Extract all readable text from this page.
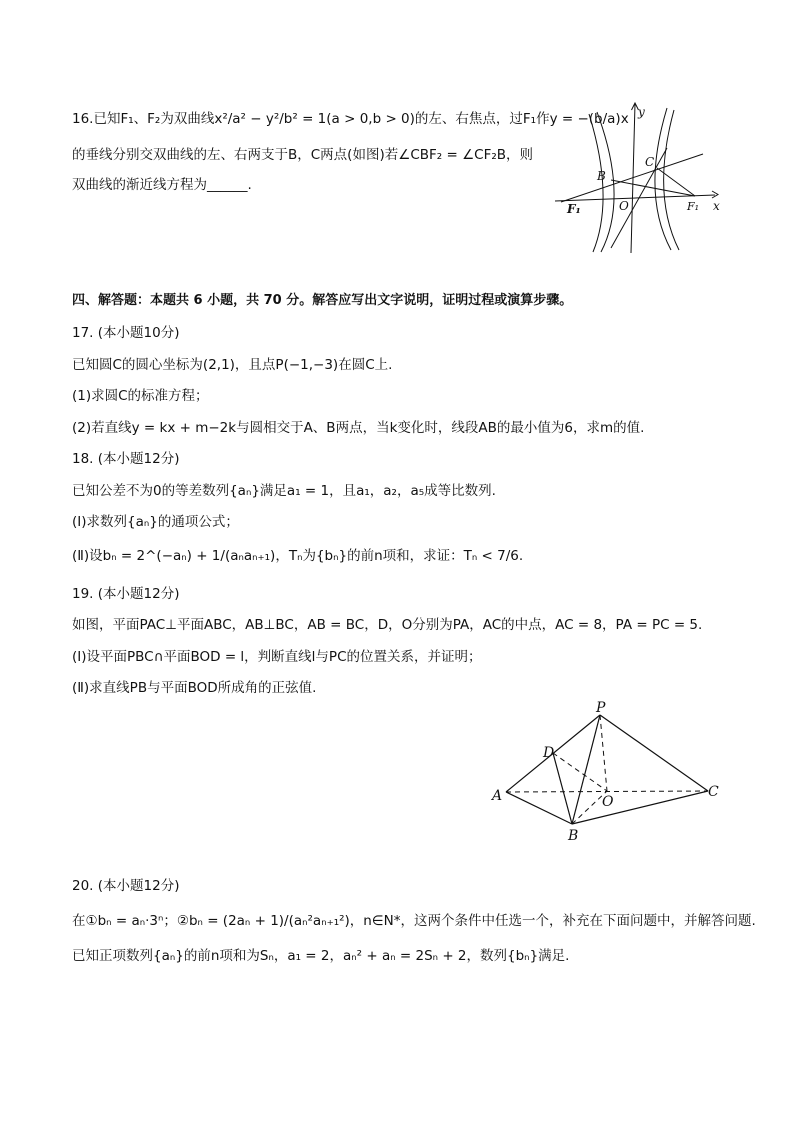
16.已知F₁、F₂为双曲线x²/a² − y²/b² = 1(a > 0,b > 0)的左、右焦点，过F₁作y = −(b/a)x
的垂线分别交双曲线的左、右两支于B，C两点(如图)若∠CBF₂ = ∠CF₂B，则
双曲线的渐近线方程为______.
y
x
B
C
O
F₁	F₁
四、解答题：本题共 6 小题，共 70 分。解答应写出文字说明，证明过程或演算步骤。
17. (本小题10分)
已知圆C的圆心坐标为(2,1)，且点P(−1,−3)在圆C上.
(1)求圆C的标准方程；
(2)若直线y = kx + m−2k与圆相交于A、B两点，当k变化时，线段AB的最小值为6，求m的值.
18. (本小题12分)
已知公差不为0的等差数列{aₙ}满足a₁ = 1，且a₁，a₂，a₅成等比数列.
(Ⅰ)求数列{aₙ}的通项公式；
(Ⅱ)设bₙ = 2^(−aₙ) + 1/(aₙaₙ₊₁)，Tₙ为{bₙ}的前n项和，求证：Tₙ < 7/6.
19. (本小题12分)
如图，平面PAC⊥平面ABC，AB⊥BC，AB = BC，D，O分别为PA，AC的中点，AC = 8，PA = PC = 5.
(Ⅰ)设平面PBC∩平面BOD = l，判断直线l与PC的位置关系，并证明；
(Ⅱ)求直线PB与平面BOD所成角的正弦值.
P
D
A	O
C
B
20. (本小题12分)
在①bₙ = aₙ·3ⁿ；②bₙ = (2aₙ + 1)/(aₙ²aₙ₊₁²)，n∈N*，这两个条件中任选一个，补充在下面问题中，并解答问题.
已知正项数列{aₙ}的前n项和为Sₙ，a₁ = 2，aₙ² + aₙ = 2Sₙ + 2，数列{bₙ}满足.
